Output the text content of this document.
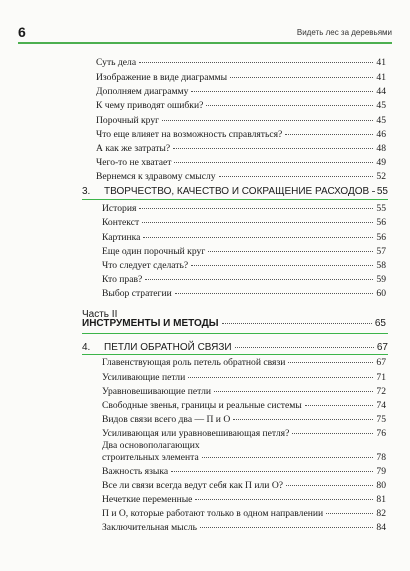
6	Видеть лес за деревьями
Суть дела	41
Изображение в виде диаграммы	41
Дополняем диаграмму	44
К чему приводят ошибки?	45
Порочный круг	45
Что еще влияет на возможность справляться?	46
А как же затраты?	48
Чего-то не хватает	49
Вернемся к здравому смыслу	52
3.	ТВОРЧЕСТВО, КАЧЕСТВО И СОКРАЩЕНИЕ РАСХОДОВ 55
История	55
Контекст	56
Картинка	56
Еще один порочный круг	57
Что следует сделать?	58
Кто прав?	59
Выбор стратегии	60
Часть II
ИНСТРУМЕНТЫ И МЕТОДЫ	65
4.	ПЕТЛИ ОБРАТНОЙ СВЯЗИ	67
Главенствующая роль петель обратной связи	67
Усиливающие петли	71
Уравновешивающие петли	72
Свободные звенья, границы и реальные системы	74
Видов связи всего два — П и О	75
Усиливающая или уравновешивающая петля?	76
Два основополагающих
строительных элемента	78
Важность языка	79
Все ли связи всегда ведут себя как П или О?	80
Нечеткие переменные	81
П и О, которые работают только в одном направлении	82
Заключительная мысль	84
